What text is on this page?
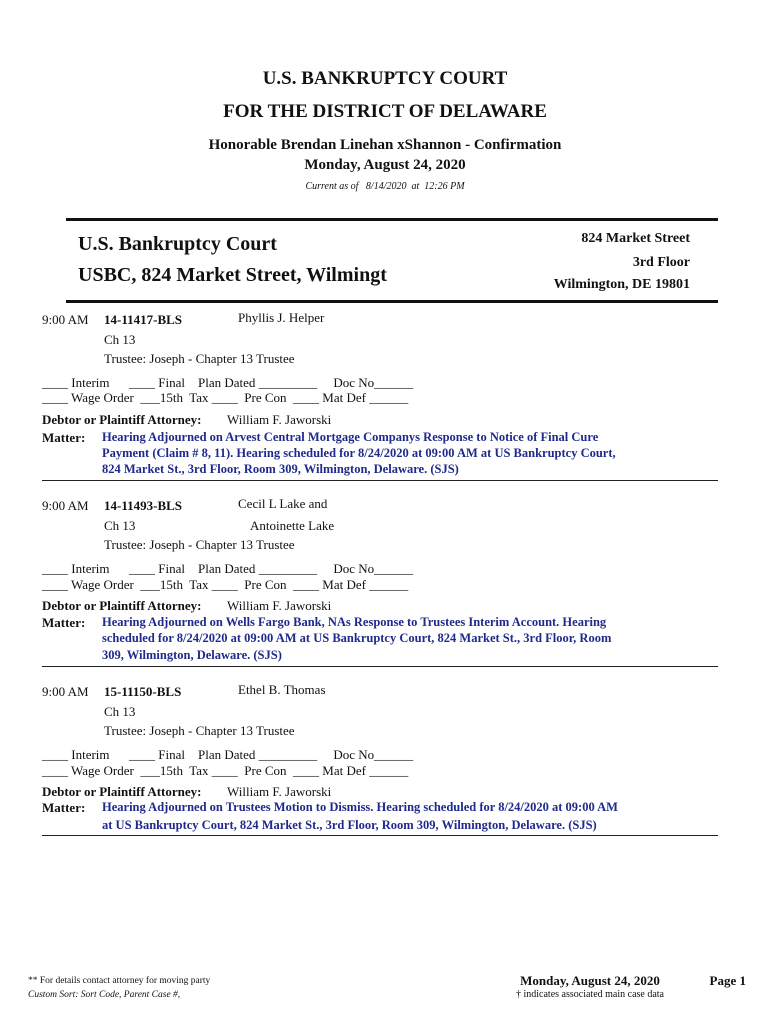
U.S. BANKRUPTCY COURT
FOR THE DISTRICT OF DELAWARE
Honorable Brendan Linehan xShannon - Confirmation
Monday, August 24, 2020
Current as of   8/14/2020  at  12:26 PM
U.S. Bankruptcy Court
USBC, 824 Market Street, Wilmingt
824 Market Street
3rd Floor
Wilmington, DE 19801
9:00 AM 14-11417-BLS	Phyllis J. Helper
Ch 13
Trustee: Joseph - Chapter 13 Trustee
____ Interim      ____ Final    Plan Dated _________     Doc No______
____ Wage Order  ___15th  Tax ____  Pre Con  ____ Mat Def ______
Debtor or Plaintiff Attorney: William F. Jaworski
Matter: Hearing Adjourned on Arvest Central Mortgage Companys Response to Notice of Final Cure
Payment (Claim # 8, 11). Hearing scheduled for 8/24/2020 at 09:00 AM at US Bankruptcy Court,
824 Market St., 3rd Floor, Room 309, Wilmington, Delaware. (SJS)
9:00 AM 14-11493-BLS	Cecil L Lake and
Ch 13	Antoinette Lake
Trustee: Joseph - Chapter 13 Trustee
____ Interim      ____ Final    Plan Dated _________     Doc No______
____ Wage Order  ___15th  Tax ____  Pre Con  ____ Mat Def ______
Debtor or Plaintiff Attorney: William F. Jaworski
Matter: Hearing Adjourned on Wells Fargo Bank, NAs Response to Trustees Interim Account. Hearing
scheduled for 8/24/2020 at 09:00 AM at US Bankruptcy Court, 824 Market St., 3rd Floor, Room
309, Wilmington, Delaware. (SJS)
9:00 AM 15-11150-BLS	Ethel B. Thomas
Ch 13
Trustee: Joseph - Chapter 13 Trustee
____ Interim      ____ Final    Plan Dated _________     Doc No______
____ Wage Order  ___15th  Tax ____  Pre Con  ____ Mat Def ______
Debtor or Plaintiff Attorney: William F. Jaworski
Matter: Hearing Adjourned on Trustees Motion to Dismiss. Hearing scheduled for 8/24/2020 at 09:00 AM
at US Bankruptcy Court, 824 Market St., 3rd Floor, Room 309, Wilmington, Delaware. (SJS)
** For details contact attorney for moving party
Custom Sort: Sort Code, Parent Case #,
Monday, August 24, 2020
† indicates associated main case data
Page 1
